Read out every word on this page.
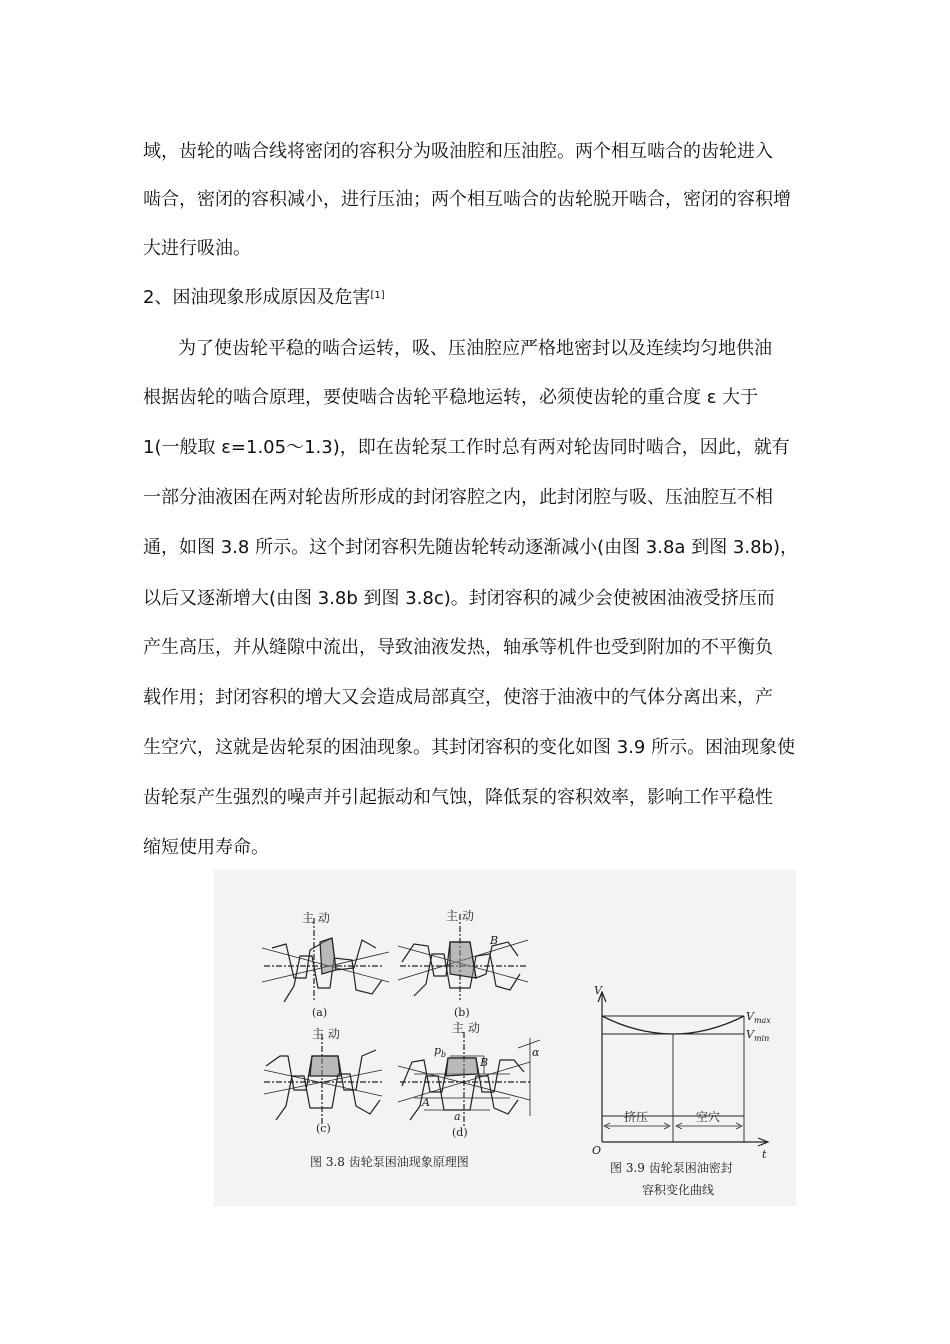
域，齿轮的啮合线将密闭的容积分为吸油腔和压油腔。两个相互啮合的齿轮进入
啮合，密闭的容积减小，进行压油；两个相互啮合的齿轮脱开啮合，密闭的容积增
大进行吸油。
2、困油现象形成原因及危害[1]
为了使齿轮平稳的啮合运转，吸、压油腔应严格地密封以及连续均匀地供油
根据齿轮的啮合原理，要使啮合齿轮平稳地运转，必须使齿轮的重合度 ε 大于
1(一般取 ε=1.05～1.3)，即在齿轮泵工作时总有两对轮齿同时啮合，因此，就有
一部分油液困在两对轮齿所形成的封闭容腔之内，此封闭腔与吸、压油腔互不相
通，如图 3.8 所示。这个封闭容积先随齿轮转动逐渐减小(由图 3.8a 到图 3.8b)，
以后又逐渐增大(由图 3.8b 到图 3.8c)。封闭容积的减少会使被困油液受挤压而
产生高压，并从缝隙中流出，导致油液发热，轴承等机件也受到附加的不平衡负
载作用；封闭容积的增大又会造成局部真空，使溶于油液中的气体分离出来，产
生空穴，这就是齿轮泵的困油现象。其封闭容积的变化如图 3.9 所示。困油现象使
齿轮泵产生强烈的噪声并引起振动和气蚀，降低泵的容积效率，影响工作平稳性
缩短使用寿命。
主 动	主 动
主 动	主 动
(a)	(b)
(c)	(d)
B
B
A
$p_b$	α
a
图 3.8 齿轮泵困油现象原理图
V
t
O
$V_{max}$
$V_{min}$
挤压	空穴
图 3.9 齿轮泵困油密封
容积变化曲线
